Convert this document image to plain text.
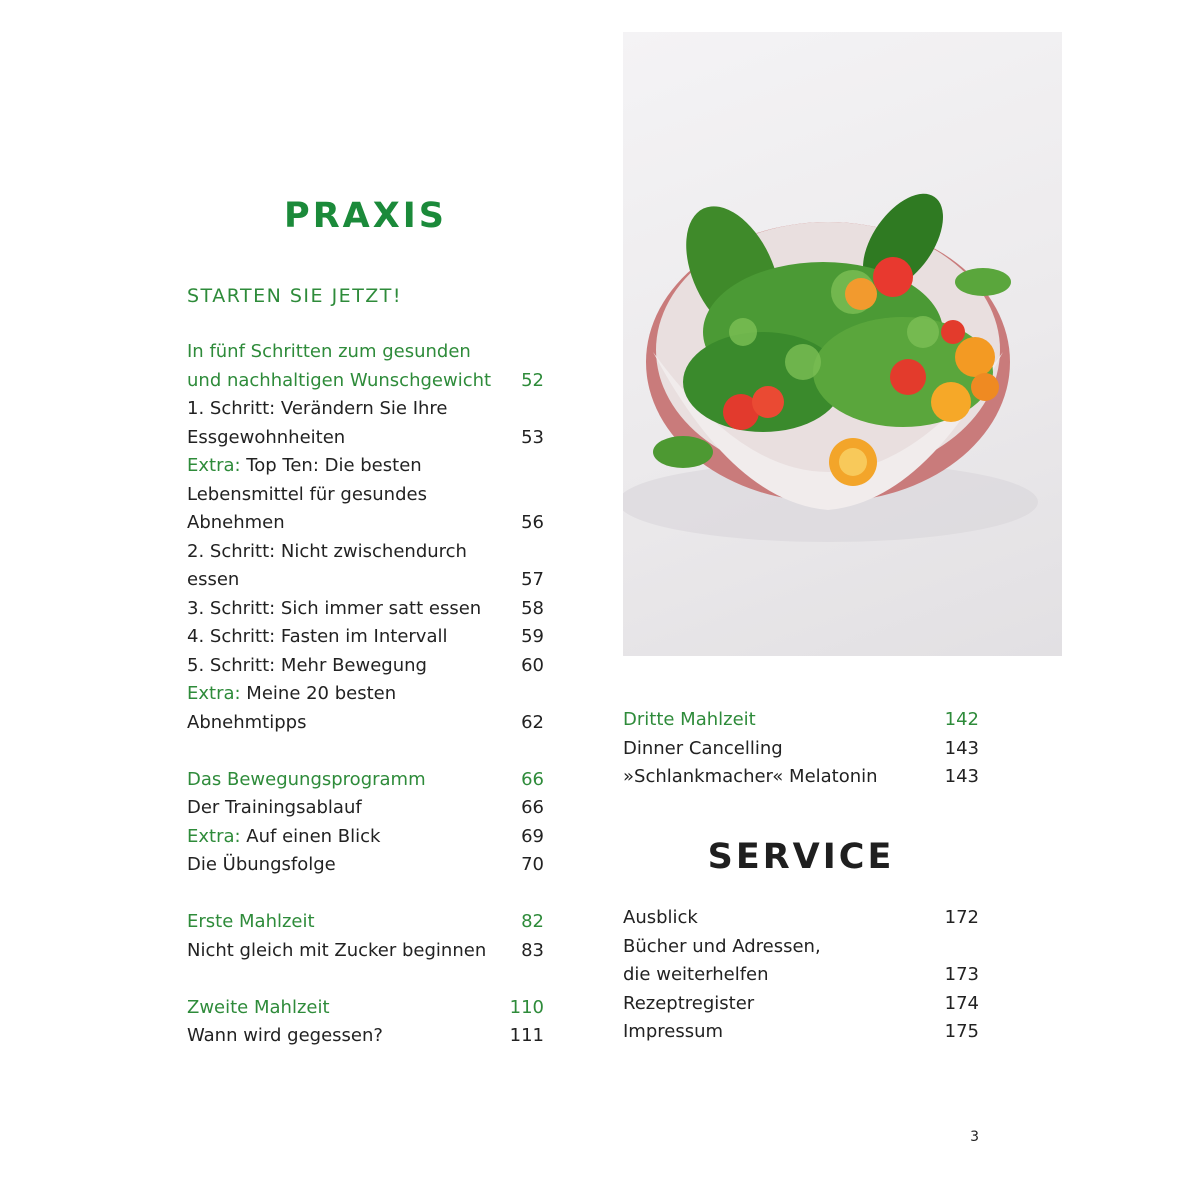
PRAXIS
STARTEN SIE JETZT!
In fünf Schritten zum gesunden
und nachhaltigen Wunschgewicht	52
1. Schritt: Verändern Sie Ihre
Essgewohnheiten	53
Extra: Top Ten: Die besten
Lebensmittel für gesundes
Abnehmen	56
2. Schritt: Nicht zwischendurch
essen	57
3. Schritt: Sich immer satt essen	58
4. Schritt: Fasten im Intervall	59
5. Schritt: Mehr Bewegung	60
Extra: Meine 20 besten
Abnehmtipps	62
Das Bewegungsprogramm	66
Der Trainingsablauf	66
Extra: Auf einen Blick	69
Die Übungsfolge	70
Erste Mahlzeit	82
Nicht gleich mit Zucker beginnen	83
Zweite Mahlzeit	110
Wann wird gegessen?	111
Dritte Mahlzeit	142
Dinner Cancelling	143
»Schlankmacher« Melatonin	143
SERVICE
Ausblick	172
Bücher und Adressen,
die weiterhelfen	173
Rezeptregister	174
Impressum	175
3
